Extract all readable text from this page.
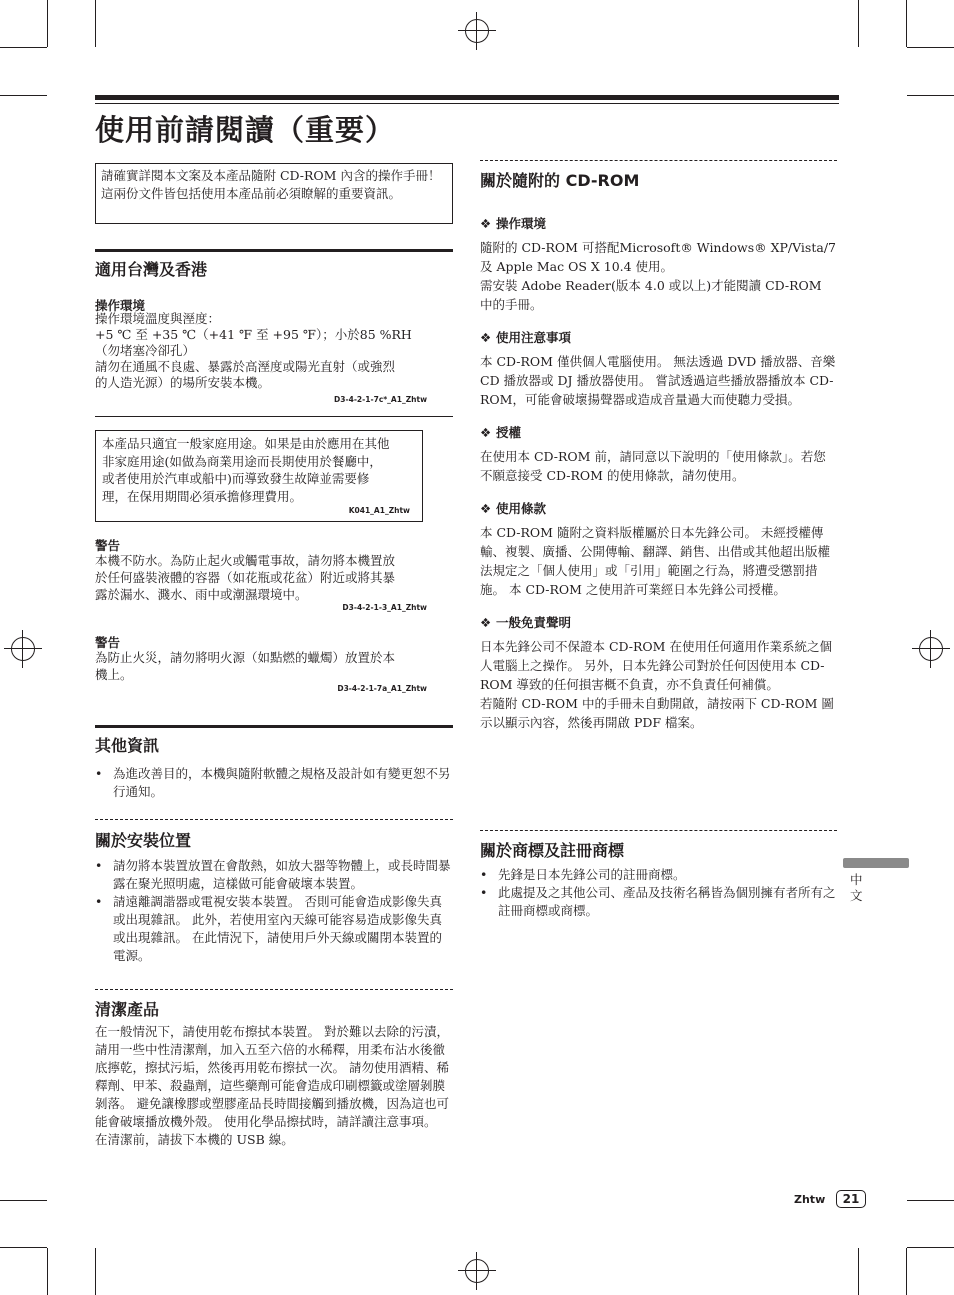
使用前請閱讀（重要）
請確實詳閱本文案及本產品隨附 CD-ROM 內含的操作手冊！ 這兩份文件皆包括使用本產品前必須瞭解的重要資訊。
適用台灣及香港
操作環境
操作環境溫度與溼度：
+5 ℃ 至 +35 ℃（+41 ℉ 至 +95 ℉）；小於85 %RH
（勿堵塞冷卻孔）
請勿在通風不良處、暴露於高溼度或陽光直射（或強烈
的人造光源）的場所安裝本機。
D3-4-2-1-7c*_A1_Zhtw
本產品只適宜一般家庭用途。如果是由於應用在其他
非家庭用途(如做為商業用途而長期使用於餐廳中，
或者使用於汽車或船中)而導致發生故障並需要修
理，在保用期間必須承擔修理費用。
K041_A1_Zhtw
警告
本機不防水。為防止起火或觸電事故，請勿將本機置放
於任何盛裝液體的容器（如花瓶或花盆）附近或將其暴
露於漏水、濺水、雨中或潮濕環境中。
D3-4-2-1-3_A1_Zhtw
警告
為防止火災，請勿將明火源（如點燃的蠟燭）放置於本
機上。
D3-4-2-1-7a_A1_Zhtw
其他資訊
• 為進改善目的，本機與隨附軟體之規格及設計如有變更恕不另行通知。
關於安裝位置
• 請勿將本裝置放置在會散熱，如放大器等物體上，或長時間暴露在聚光照明處，這樣做可能會破壞本裝置。
• 請遠離調諧器或電視安裝本裝置。 否則可能會造成影像失真或出現雜訊。 此外，若使用室內天線可能容易造成影像失真或出現雜訊。 在此情況下，請使用戶外天線或關閉本裝置的電源。
清潔產品
在一般情況下，請使用乾布擦拭本裝置。 對於難以去除的污漬，請用一些中性清潔劑，加入五至六倍的水稀釋，用柔布沾水後徹底擰乾，擦拭污垢，然後再用乾布擦拭一次。 請勿使用酒精、稀釋劑、甲苯、殺蟲劑，這些藥劑可能會造成印刷標籤或塗層剝膜剝落。 避免讓橡膠或塑膠產品長時間接觸到播放機，因為這也可能會破壞播放機外殼。 使用化學品擦拭時，請詳讀注意事項。
在清潔前，請拔下本機的 USB 線。
關於隨附的 CD-ROM
❖ 操作環境
隨附的 CD-ROM 可搭配Microsoft® Windows® XP/Vista/7及 Apple Mac OS X 10.4 使用。
需安裝 Adobe Reader(版本 4.0 或以上)才能閱讀 CD-ROM 中的手冊。
❖ 使用注意事項
本 CD-ROM 僅供個人電腦使用。 無法透過 DVD 播放器、音樂 CD 播放器或 DJ 播放器使用。 嘗試透過這些播放器播放本 CD-ROM，可能會破壞揚聲器或造成音量過大而使聽力受損。
❖ 授權
在使用本 CD-ROM 前，請同意以下說明的「使用條款」。若您不願意接受 CD-ROM 的使用條款，請勿使用。
❖ 使用條款
本 CD-ROM 隨附之資料版權屬於日本先鋒公司。 未經授權傳輸、複製、廣播、公開傳輸、翻譯、銷售、出借或其他超出版權法規定之「個人使用」或「引用」範圍之行為，將遭受懲罰措施。 本 CD-ROM 之使用許可業經日本先鋒公司授權。
❖ 一般免責聲明
日本先鋒公司不保證本 CD-ROM 在使用任何適用作業系統之個人電腦上之操作。 另外，日本先鋒公司對於任何因使用本 CD-ROM 導致的任何損害概不負責，亦不負責任何補償。
若隨附 CD-ROM 中的手冊未自動開啟，請按兩下 CD-ROM 圖示以顯示內容，然後再開啟 PDF 檔案。
關於商標及註冊商標
• 先鋒是日本先鋒公司的註冊商標。
• 此處提及之其他公司、產品及技術名稱皆為個別擁有者所有之註冊商標或商標。
中文
Zhtw	21
